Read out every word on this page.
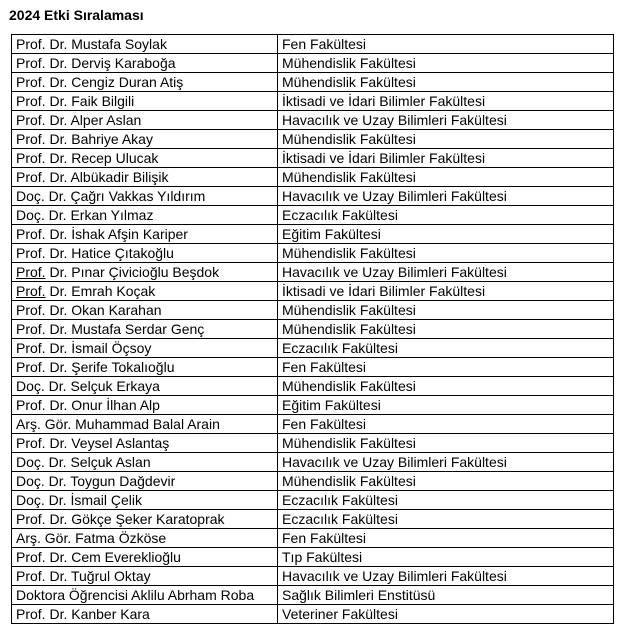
2024 Etki Sıralaması
Prof. Dr. Mustafa Soylak	Fen Fakültesi
Prof. Dr. Derviş Karaboğa	Mühendislik Fakültesi
Prof. Dr. Cengiz Duran Atiş	Mühendislik Fakültesi
Prof. Dr. Faik Bilgili	İktisadi ve İdari Bilimler Fakültesi
Prof. Dr. Alper Aslan	Havacılık ve Uzay Bilimleri Fakültesi
Prof. Dr. Bahriye Akay	Mühendislik Fakültesi
Prof. Dr. Recep Ulucak	İktisadi ve İdari Bilimler Fakültesi
Prof. Dr. Albükadir Bilişik	Mühendislik Fakültesi
Doç. Dr. Çağrı Vakkas Yıldırım	Havacılık ve Uzay Bilimleri Fakültesi
Doç. Dr. Erkan Yılmaz	Eczacılık Fakültesi
Prof. Dr. İshak Afşin Kariper	Eğitim Fakültesi
Prof. Dr. Hatice Çıtakoğlu	Mühendislik Fakültesi
Prof. Dr. Pınar Çivicioğlu Beşdok	Havacılık ve Uzay Bilimleri Fakültesi
Prof. Dr. Emrah Koçak	İktisadi ve İdari Bilimler Fakültesi
Prof. Dr. Okan Karahan	Mühendislik Fakültesi
Prof. Dr. Mustafa Serdar Genç	Mühendislik Fakültesi
Prof. Dr. İsmail Öçsoy	Eczacılık Fakültesi
Prof. Dr. Şerife Tokalıoğlu	Fen Fakültesi
Doç. Dr. Selçuk Erkaya	Mühendislik Fakültesi
Prof. Dr. Onur İlhan Alp	Eğitim Fakültesi
Arş. Gör. Muhammad Balal Arain	Fen Fakültesi
Prof. Dr. Veysel Aslantaş	Mühendislik Fakültesi
Doç. Dr. Selçuk Aslan	Havacılık ve Uzay Bilimleri Fakültesi
Doç. Dr. Toygun Dağdevir	Mühendislik Fakültesi
Doç. Dr. İsmail Çelik	Eczacılık Fakültesi
Prof. Dr. Gökçe Şeker Karatoprak	Eczacılık Fakültesi
Arş. Gör. Fatma Özköse	Fen Fakültesi
Prof. Dr. Cem Evereklioğlu	Tıp Fakültesi
Prof. Dr. Tuğrul Oktay	Havacılık ve Uzay Bilimleri Fakültesi
Doktora Öğrencisi Aklilu Abrham Roba	Sağlık Bilimleri Enstitüsü
Prof. Dr. Kanber Kara	Veteriner Fakültesi
